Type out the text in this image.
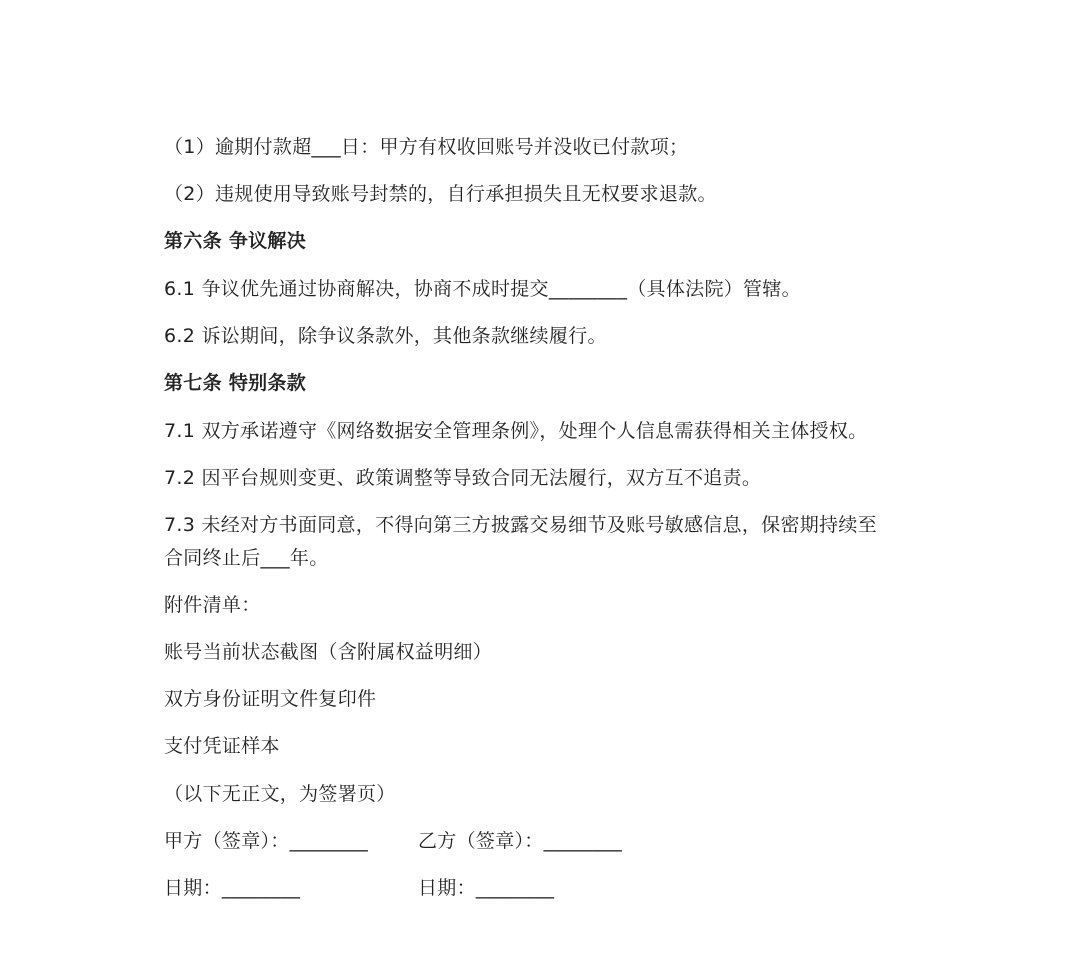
（1）逾期付款超___日：甲方有权收回账号并没收已付款项；

（2）违规使用导致账号封禁的，自行承担损失且无权要求退款。

第六条 争议解决

6.1 争议优先通过协商解决，协商不成时提交________（具体法院）管辖。

6.2 诉讼期间，除争议条款外，其他条款继续履行。

第七条 特别条款

7.1 双方承诺遵守《网络数据安全管理条例》，处理个人信息需获得相关主体授权。

7.2 因平台规则变更、政策调整等导致合同无法履行，双方互不追责。

7.3 未经对方书面同意，不得向第三方披露交易细节及账号敏感信息，保密期持续至

合同终止后___年。

附件清单：

账号当前状态截图（含附属权益明细）

双方身份证明文件复印件

支付凭证样本

（以下无正文，为签署页）

甲方（签章）：________	乙方（签章）：________

日期：________	日期：________
